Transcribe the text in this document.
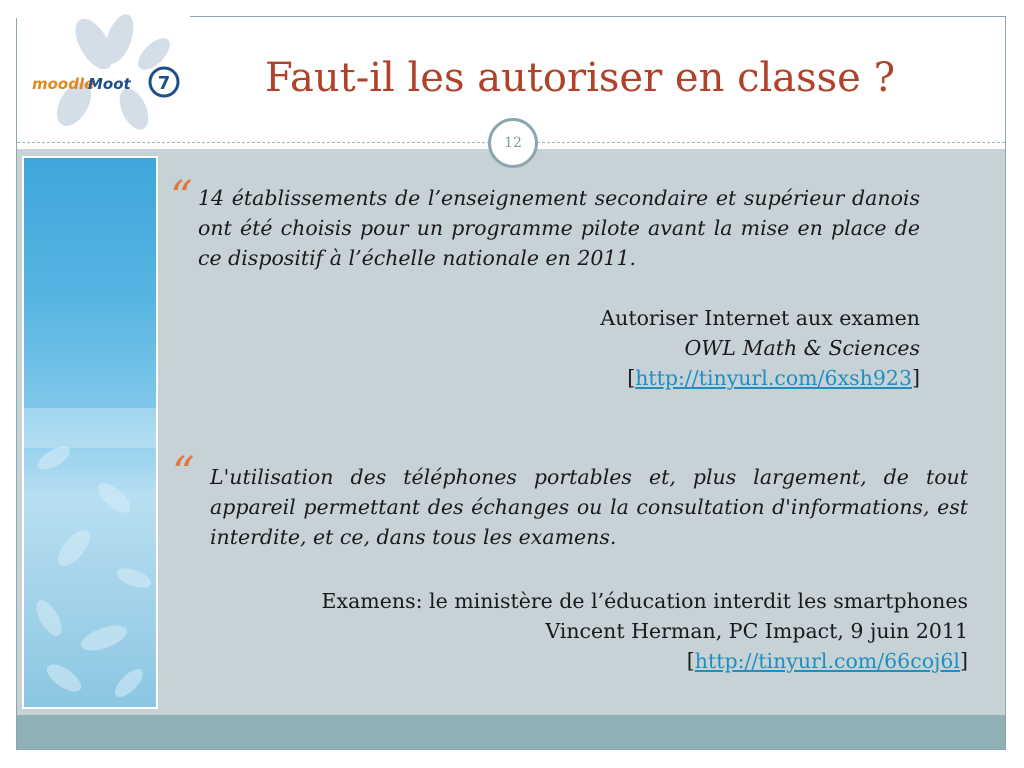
moodle
Moot 7	Faut-il les autoriser en classe ?
12
“ 14 établissements de l’enseignement secondaire et supérieur danois ont été choisis pour un programme pilote avant la mise en place de ce dispositif à l’échelle nationale en 2011.

Autoriser Internet aux examen
OWL Math & Sciences
[http://tinyurl.com/6xsh923]
“ L'utilisation des téléphones portables et, plus largement, de tout appareil permettant des échanges ou la consultation d'informations, est interdite, et ce, dans tous les examens.

Examens: le ministère de l’éducation interdit les smartphones
Vincent Herman, PC Impact, 9 juin 2011
[http://tinyurl.com/66coj6l]
